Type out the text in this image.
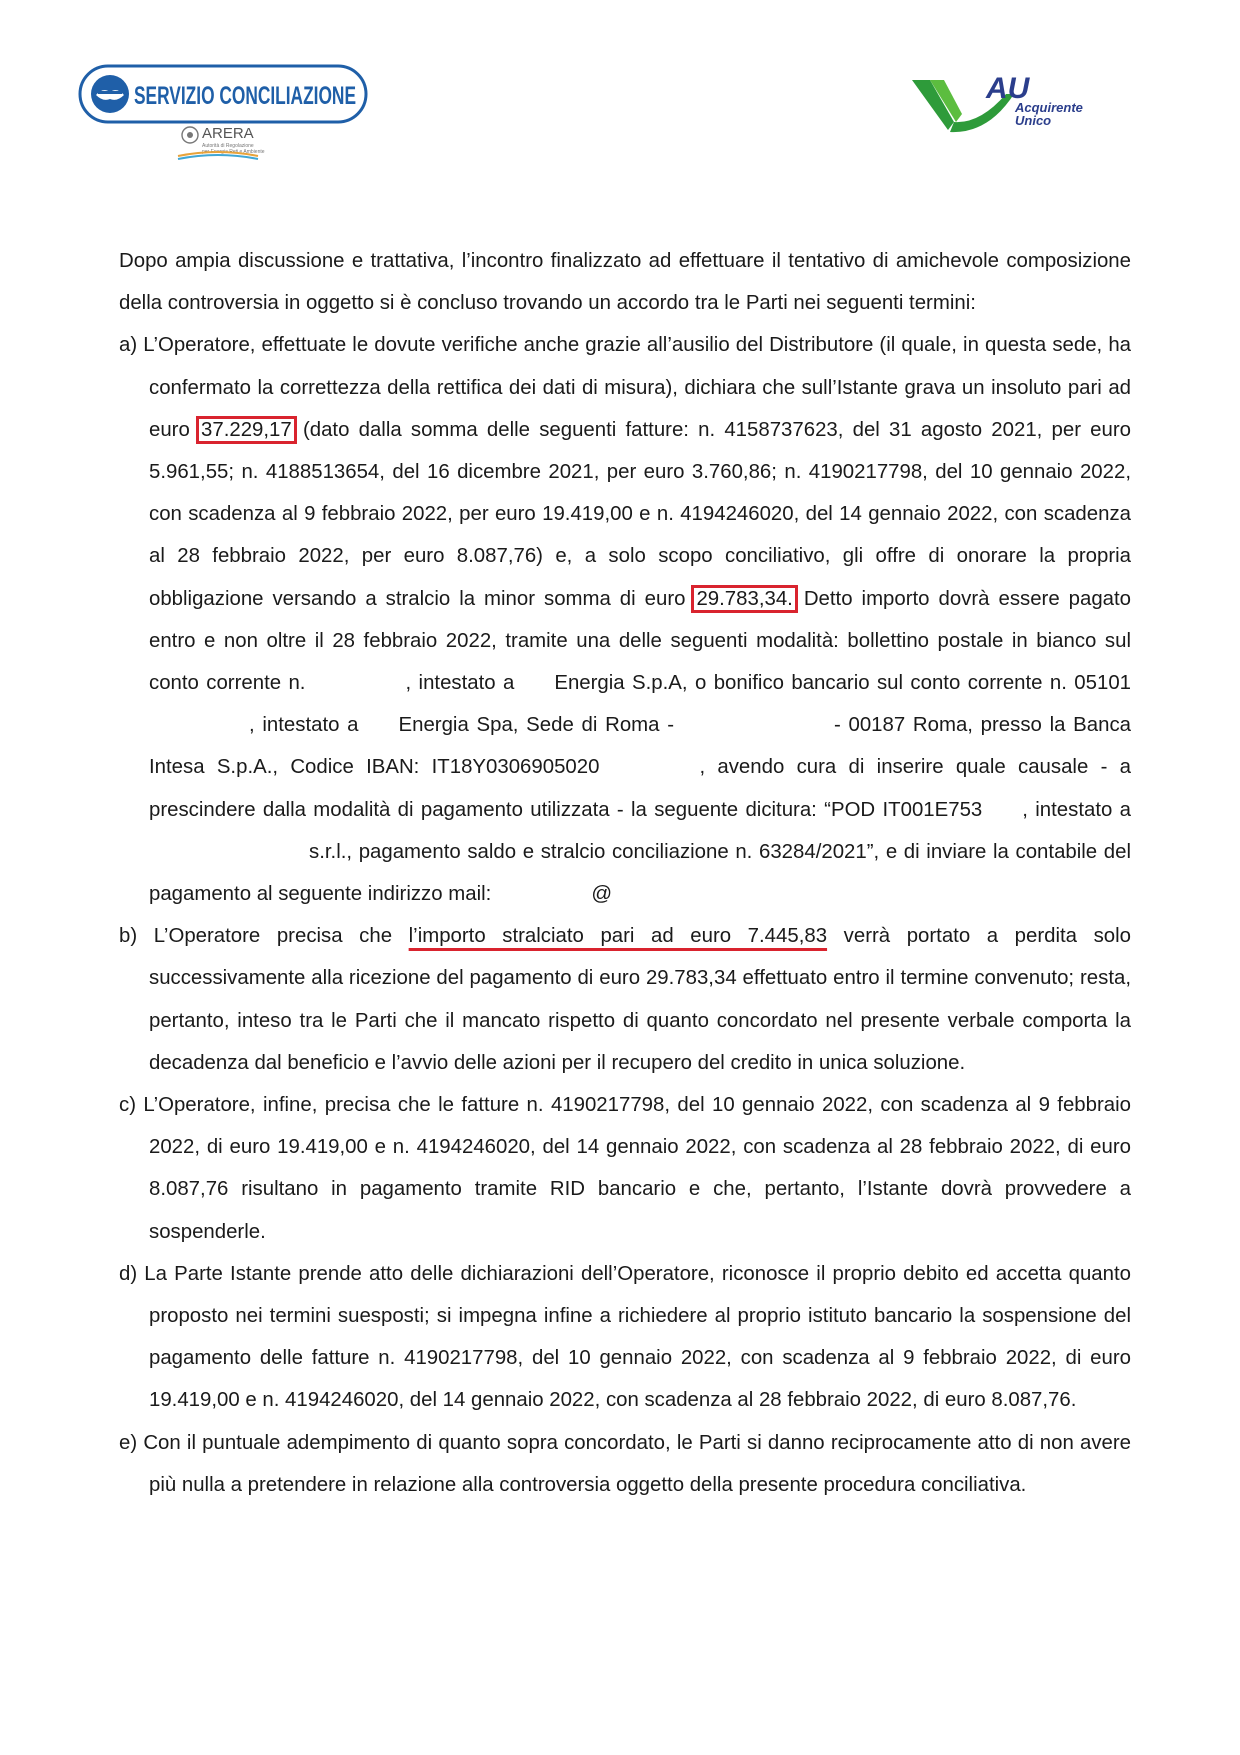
SERVIZIO CONCILIAZIONE
ARERA
Autorità di Regolazione
per Energia Reti e Ambiente
AU
Acquirente
Unico

Dopo ampia discussione e trattativa, l’incontro finalizzato ad effettuare il tentativo di amichevole composizione della controversia in oggetto si è concluso trovando un accordo tra le Parti nei seguenti termini:

a) L’Operatore, effettuate le dovute verifiche anche grazie all’ausilio del Distributore (il quale, in questa sede, ha confermato la correttezza della rettifica dei dati di misura), dichiara che sull’Istante grava un insoluto pari ad euro 37.229,17 (dato dalla somma delle seguenti fatture: n. 4158737623, del 31 agosto 2021, per euro 5.961,55; n. 4188513654, del 16 dicembre 2021, per euro 3.760,86; n. 4190217798, del 10 gennaio 2022, con scadenza al 9 febbraio 2022, per euro 19.419,00 e n. 4194246020, del 14 gennaio 2022, con scadenza al 28 febbraio 2022, per euro 8.087,76) e, a solo scopo conciliativo, gli offre di onorare la propria obbligazione versando a stralcio la minor somma di euro 29.783,34. Detto importo dovrà essere pagato entro e non oltre il 28 febbraio 2022, tramite una delle seguenti modalità: bollettino postale in bianco sul conto corrente n.	, intestato a Energia S.p.A, o bonifico bancario sul conto corrente n. 05101, intestato a Energia Spa, Sede di Roma -	- 00187 Roma, presso la Banca Intesa S.p.A., Codice IBAN: IT18Y0306905020	, avendo cura di inserire quale causale - a prescindere dalla modalità di pagamento utilizzata - la seguente dicitura: “POD IT001E753 , intestato as.r.l., pagamento saldo e stralcio conciliazione n. 63284/2021”, e di inviare la contabile del pagamento al seguente indirizzo mail:	@

b) L’Operatore precisa che l’importo stralciato pari ad euro 7.445,83 verrà portato a perdita solo successivamente alla ricezione del pagamento di euro 29.783,34 effettuato entro il termine convenuto; resta, pertanto, inteso tra le Parti che il mancato rispetto di quanto concordato nel presente verbale comporta la decadenza dal beneficio e l’avvio delle azioni per il recupero del credito in unica soluzione.

c) L’Operatore, infine, precisa che le fatture n. 4190217798, del 10 gennaio 2022, con scadenza al 9 febbraio 2022, di euro 19.419,00 e n. 4194246020, del 14 gennaio 2022, con scadenza al 28 febbraio 2022, di euro 8.087,76 risultano in pagamento tramite RID bancario e che, pertanto, l’Istante dovrà provvedere a sospenderle.

d) La Parte Istante prende atto delle dichiarazioni dell’Operatore, riconosce il proprio debito ed accetta quanto proposto nei termini suesposti; si impegna infine a richiedere al proprio istituto bancario la sospensione del pagamento delle fatture n. 4190217798, del 10 gennaio 2022, con scadenza al 9 febbraio 2022, di euro 19.419,00 e n. 4194246020, del 14 gennaio 2022, con scadenza al 28 febbraio 2022, di euro 8.087,76.

e) Con il puntuale adempimento di quanto sopra concordato, le Parti si danno reciprocamente atto di non avere più nulla a pretendere in relazione alla controversia oggetto della presente procedura conciliativa.
